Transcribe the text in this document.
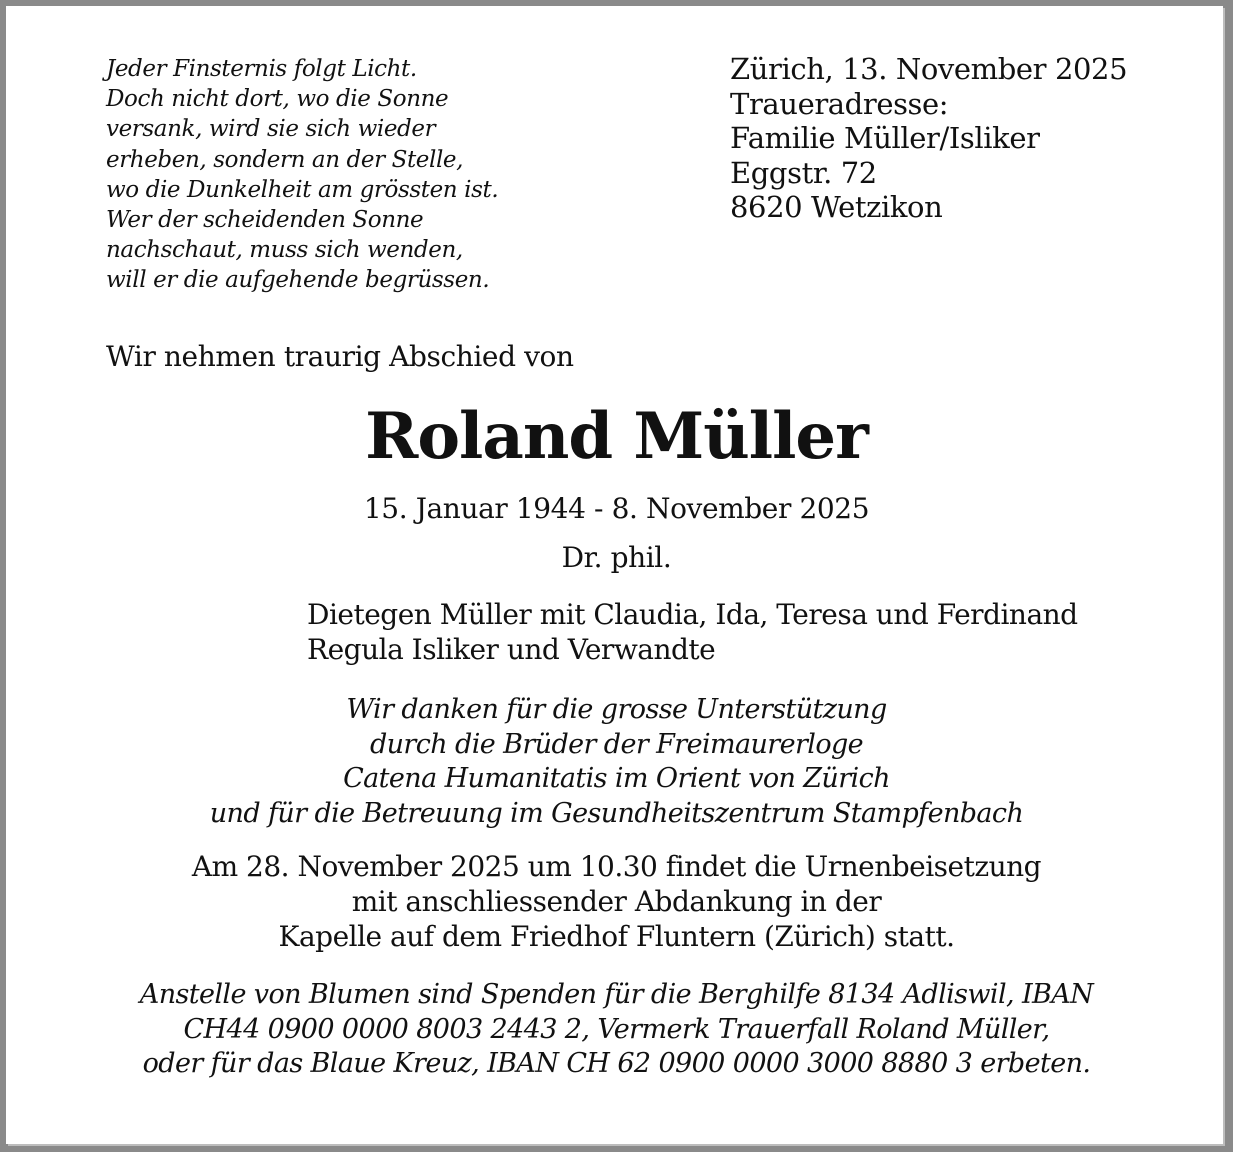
Jeder Finsternis folgt Licht.
Doch nicht dort, wo die Sonne
versank, wird sie sich wieder
erheben, sondern an der Stelle,
wo die Dunkelheit am grössten ist.
Wer der scheidenden Sonne
nachschaut, muss sich wenden,
will er die aufgehende begrüssen.
Zürich, 13. November 2025
Traueradresse:
Familie Müller/Isliker
Eggstr. 72
8620 Wetzikon
Wir nehmen traurig Abschied von
Roland Müller
15. Januar 1944 - 8. November 2025
Dr. phil.
Dietegen Müller mit Claudia, Ida, Teresa und Ferdinand
Regula Isliker und Verwandte
Wir danken für die grosse Unterstützung
durch die Brüder der Freimaurerloge
Catena Humanitatis im Orient von Zürich
und für die Betreuung im Gesundheitszentrum Stampfenbach
Am 28. November 2025 um 10.30 findet die Urnenbeisetzung
mit anschliessender Abdankung in der
Kapelle auf dem Friedhof Fluntern (Zürich) statt.
Anstelle von Blumen sind Spenden für die Berghilfe 8134 Adliswil, IBAN
CH44 0900 0000 8003 2443 2, Vermerk Trauerfall Roland Müller,
oder für das Blaue Kreuz, IBAN CH 62 0900 0000 3000 8880 3 erbeten.
